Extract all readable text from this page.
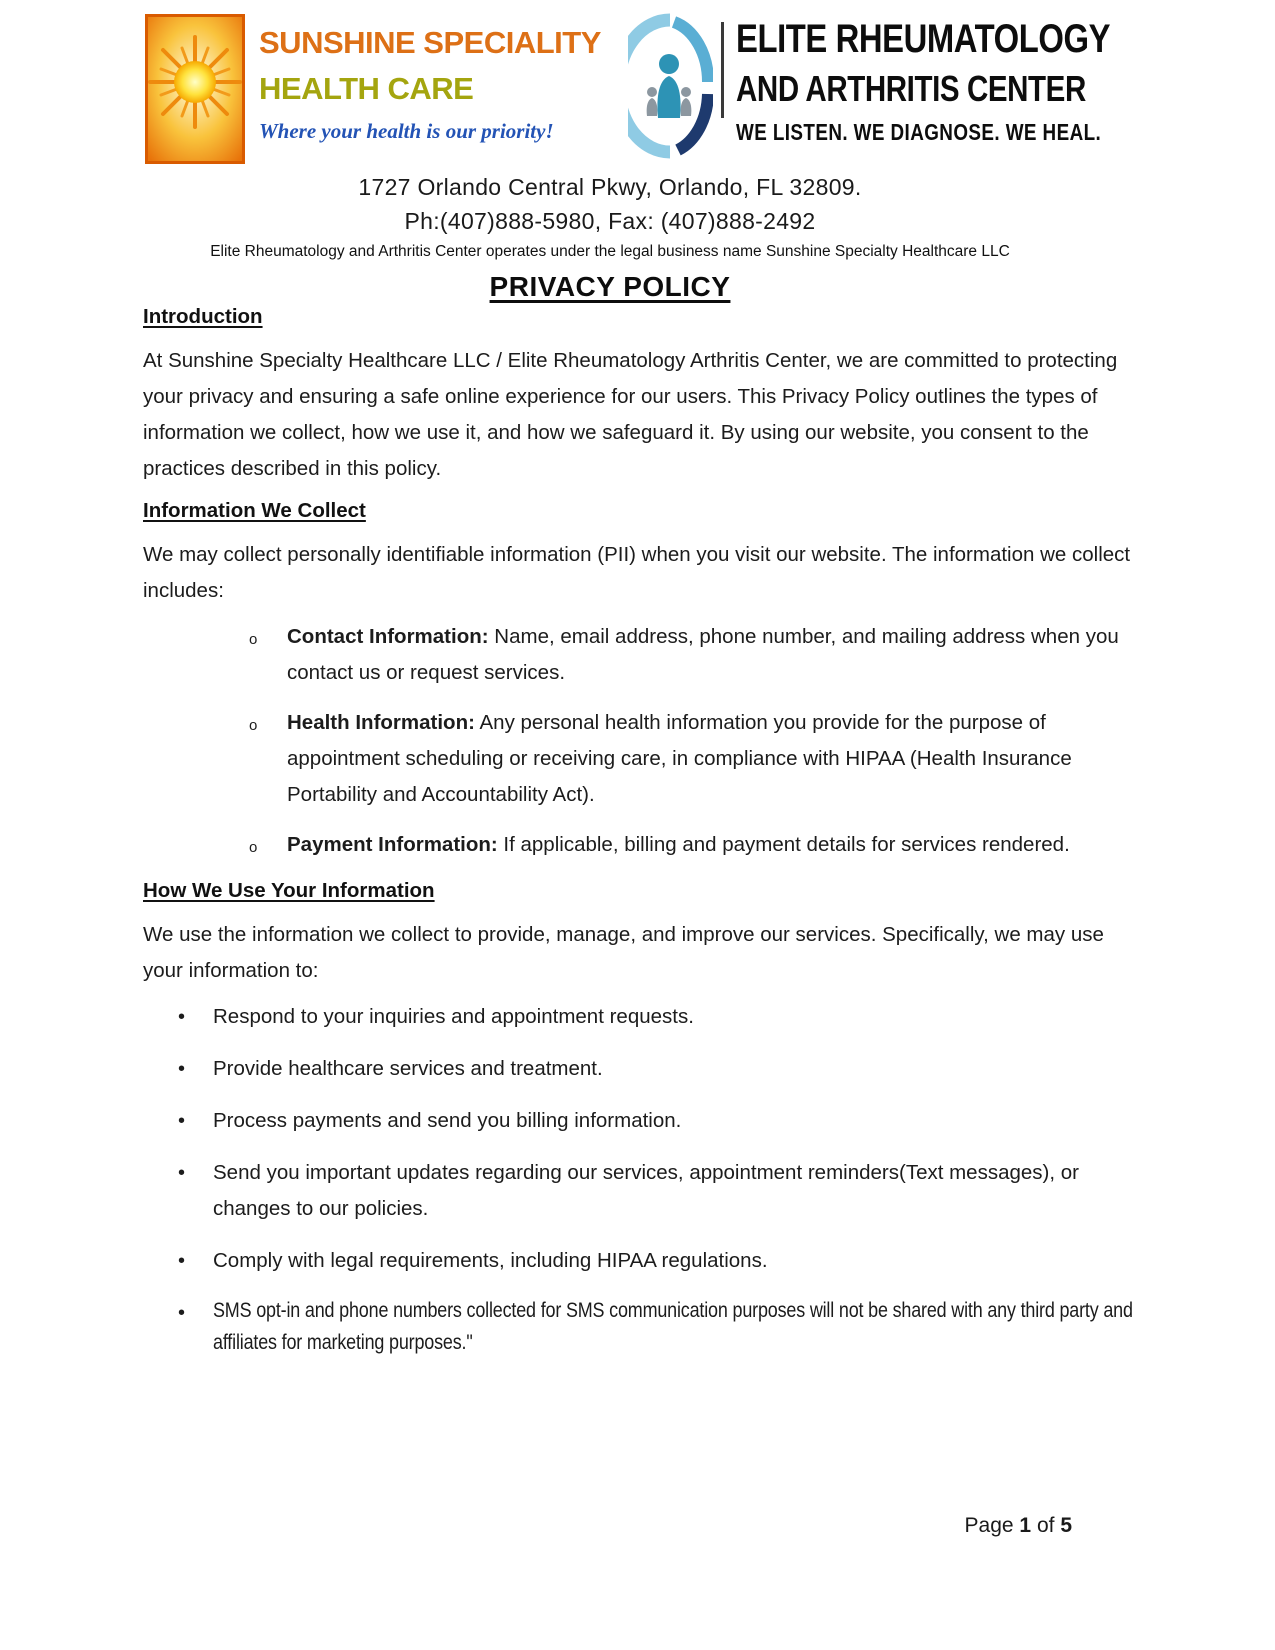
SUNSHINE SPECIALITY
HEALTH CARE
Where your health is our priority!
ELITE RHEUMATOLOGY
AND ARTHRITIS CENTER
WE LISTEN. WE DIAGNOSE. WE HEAL.
1727 Orlando Central Pkwy, Orlando, FL 32809.
Ph:(407)888-5980, Fax: (407)888-2492
Elite Rheumatology and Arthritis Center operates under the legal business name Sunshine Specialty Healthcare LLC
PRIVACY POLICY
Introduction

At Sunshine Specialty Healthcare LLC / Elite Rheumatology Arthritis Center, we are committed to protecting your privacy and ensuring a safe online experience for our users. This Privacy Policy outlines the types of information we collect, how we use it, and how we safeguard it. By using our website, you consent to the practices described in this policy.

Information We Collect

We may collect personally identifiable information (PII) when you visit our website. The information we collect includes:

o Contact Information: Name, email address, phone number, and mailing address when you contact us or request services.
o Health Information: Any personal health information you provide for the purpose of appointment scheduling or receiving care, in compliance with HIPAA (Health Insurance Portability and Accountability Act).
o Payment Information: If applicable, billing and payment details for services rendered.
How We Use Your Information

We use the information we collect to provide, manage, and improve our services. Specifically, we may use your information to:

• Respond to your inquiries and appointment requests.
• Provide healthcare services and treatment.
• Process payments and send you billing information.
• Send you important updates regarding our services, appointment reminders(Text messages), or changes to our policies.
• Comply with legal requirements, including HIPAA regulations.
• SMS opt-in and phone numbers collected for SMS communication purposes will not be shared with any third party and affiliates for marketing purposes."
Page 1 of 5
